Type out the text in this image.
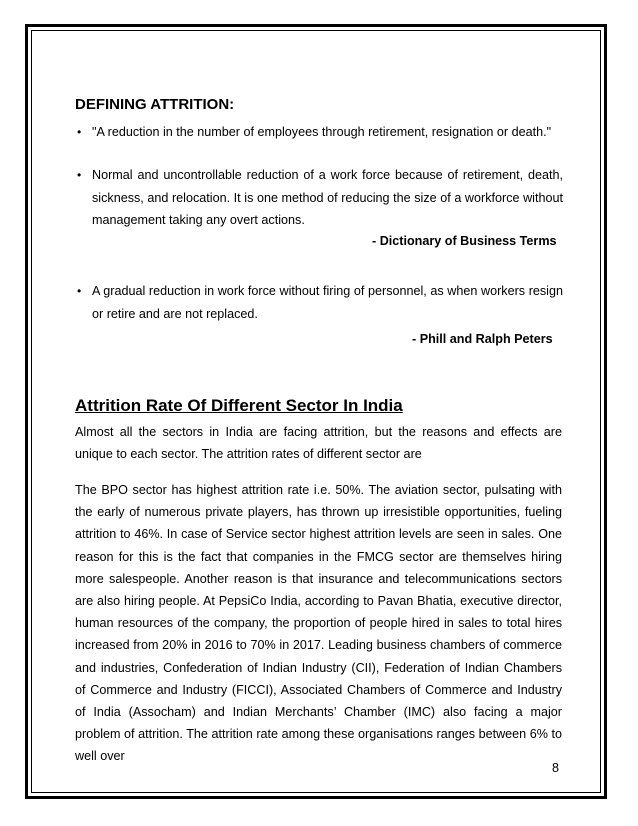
DEFINING ATTRITION:
• "A reduction in the number of employees through retirement, resignation or death."
• Normal and uncontrollable reduction of a work force because of retirement, death, sickness, and relocation. It is one method of reducing the size of a workforce without management taking any overt actions.
- Dictionary of Business Terms
• A gradual reduction in work force without firing of personnel, as when workers resign or retire and are not replaced.
- Phill and Ralph Peters
Attrition Rate Of Different Sector In India
Almost all the sectors in India are facing attrition, but the reasons and effects are unique to each sector. The attrition rates of different sector are
The BPO sector has highest attrition rate i.e. 50%. The aviation sector, pulsating with the early of numerous private players, has thrown up irresistible opportunities, fueling attrition to 46%. In case of Service sector highest attrition levels are seen in sales. One reason for this is the fact that companies in the FMCG sector are themselves hiring more salespeople. Another reason is that insurance and telecommunications sectors are also hiring people. At PepsiCo India, according to Pavan Bhatia, executive director, human resources of the company, the proportion of people hired in sales to total hires increased from 20% in 2016 to 70% in 2017. Leading business chambers of commerce and industries, Confederation of Indian Industry (CII), Federation of Indian Chambers of Commerce and Industry (FICCI), Associated Chambers of Commerce and Industry of India (Assocham) and Indian Merchants’ Chamber (IMC) also facing a major problem of attrition. The attrition rate among these organisations ranges between 6% to well over
8
